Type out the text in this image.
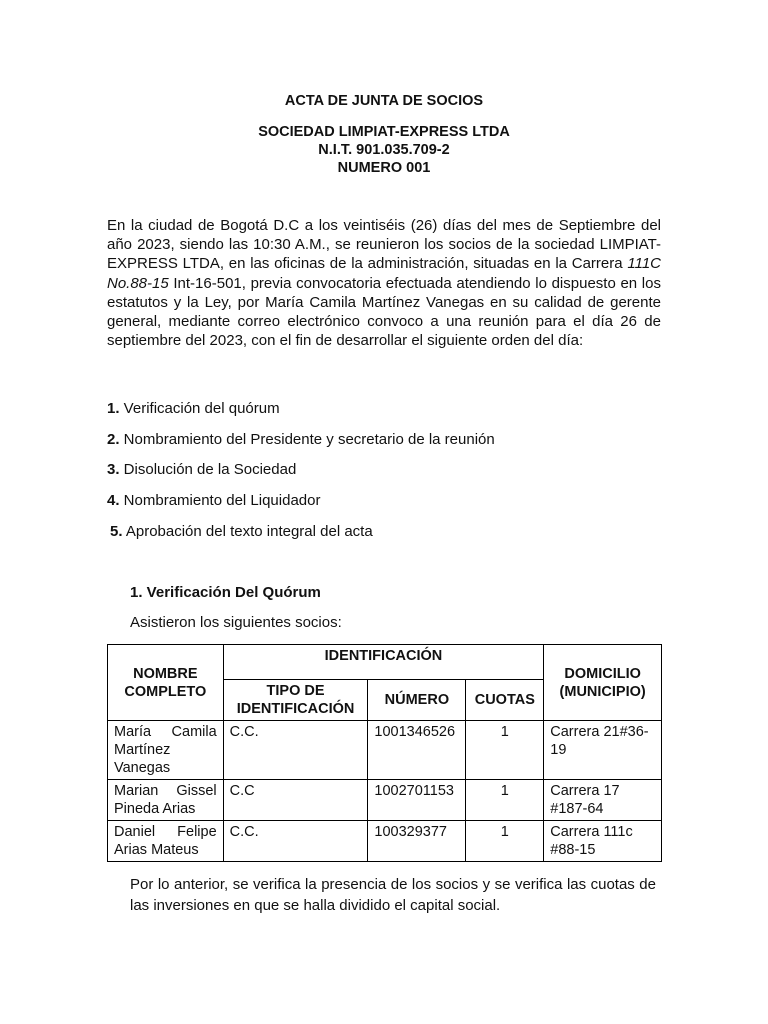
ACTA DE JUNTA DE SOCIOS
SOCIEDAD LIMPIAT-EXPRESS LTDA
N.I.T. 901.035.709-2
NUMERO 001

En la ciudad de Bogotá D.C a los veintiséis (26) días del mes de Septiembre del año 2023, siendo las 10:30 A.M., se reunieron los socios de la sociedad LIMPIAT-EXPRESS LTDA, en las oficinas de la administración, situadas en la Carrera 111C No.88-15 Int-16-501, previa convocatoria efectuada atendiendo lo dispuesto en los estatutos y la Ley, por María Camila Martínez Vanegas en su calidad de gerente general, mediante correo electrónico convoco a una reunión para el día 26 de septiembre del 2023, con el fin de desarrollar el siguiente orden del día:

1. Verificación del quórum
2. Nombramiento del Presidente y secretario de la reunión
3. Disolución de la Sociedad
4. Nombramiento del Liquidador
5. Aprobación del texto integral del acta
1. Verificación Del Quórum
Asistieron los siguientes socios:
NOMBRE COMPLETO	IDENTIFICACIÓN			DOMICILIO (MUNICIPIO)
	TIPO DE IDENTIFICACIÓN	NÚMERO	CUOTAS	
María Camila Martínez Vanegas	C.C.	1001346526	1	Carrera 21#36-19
Marian Gissel Pineda Arias	C.C	1002701153	1	Carrera 17 #187-64
Daniel Felipe Arias Mateus	C.C.	100329377	1	Carrera 111c #88-15

Por lo anterior, se verifica la presencia de los socios y se verifica las cuotas de las inversiones en que se halla dividido el capital social.
